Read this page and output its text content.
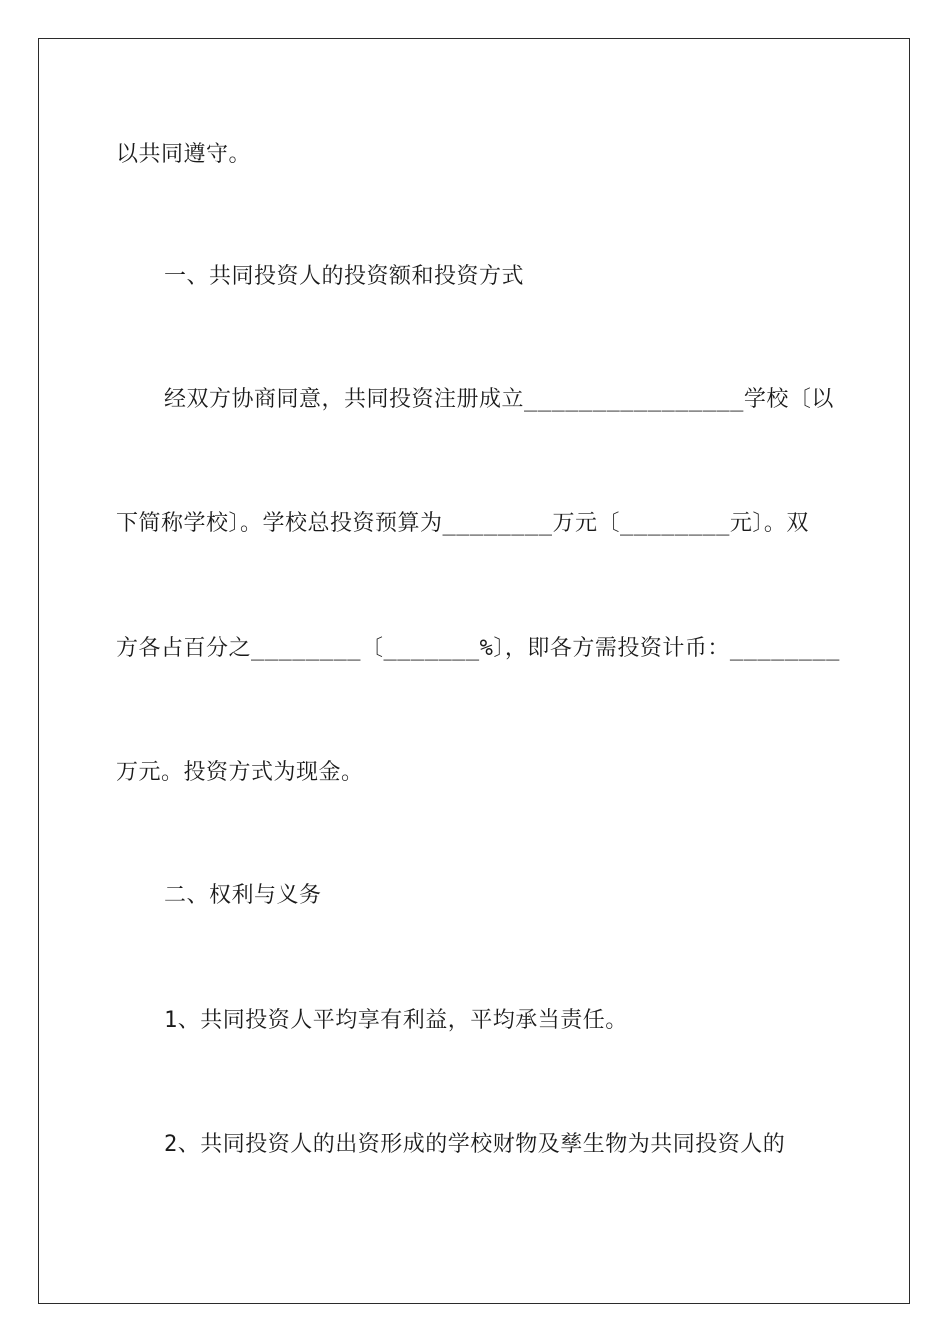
以共同遵守。
一、共同投资人的投资额和投资方式
经双方协商同意，共同投资注册成立________________学校〔以
下简称学校〕。学校总投资预算为________万元〔________元〕。双
方各占百分之________〔_______%〕，即各方需投资计币：________
万元。投资方式为现金。
二、权利与义务
1、共同投资人平均享有利益，平均承当责任。
2、共同投资人的出资形成的学校财物及孳生物为共同投资人的
